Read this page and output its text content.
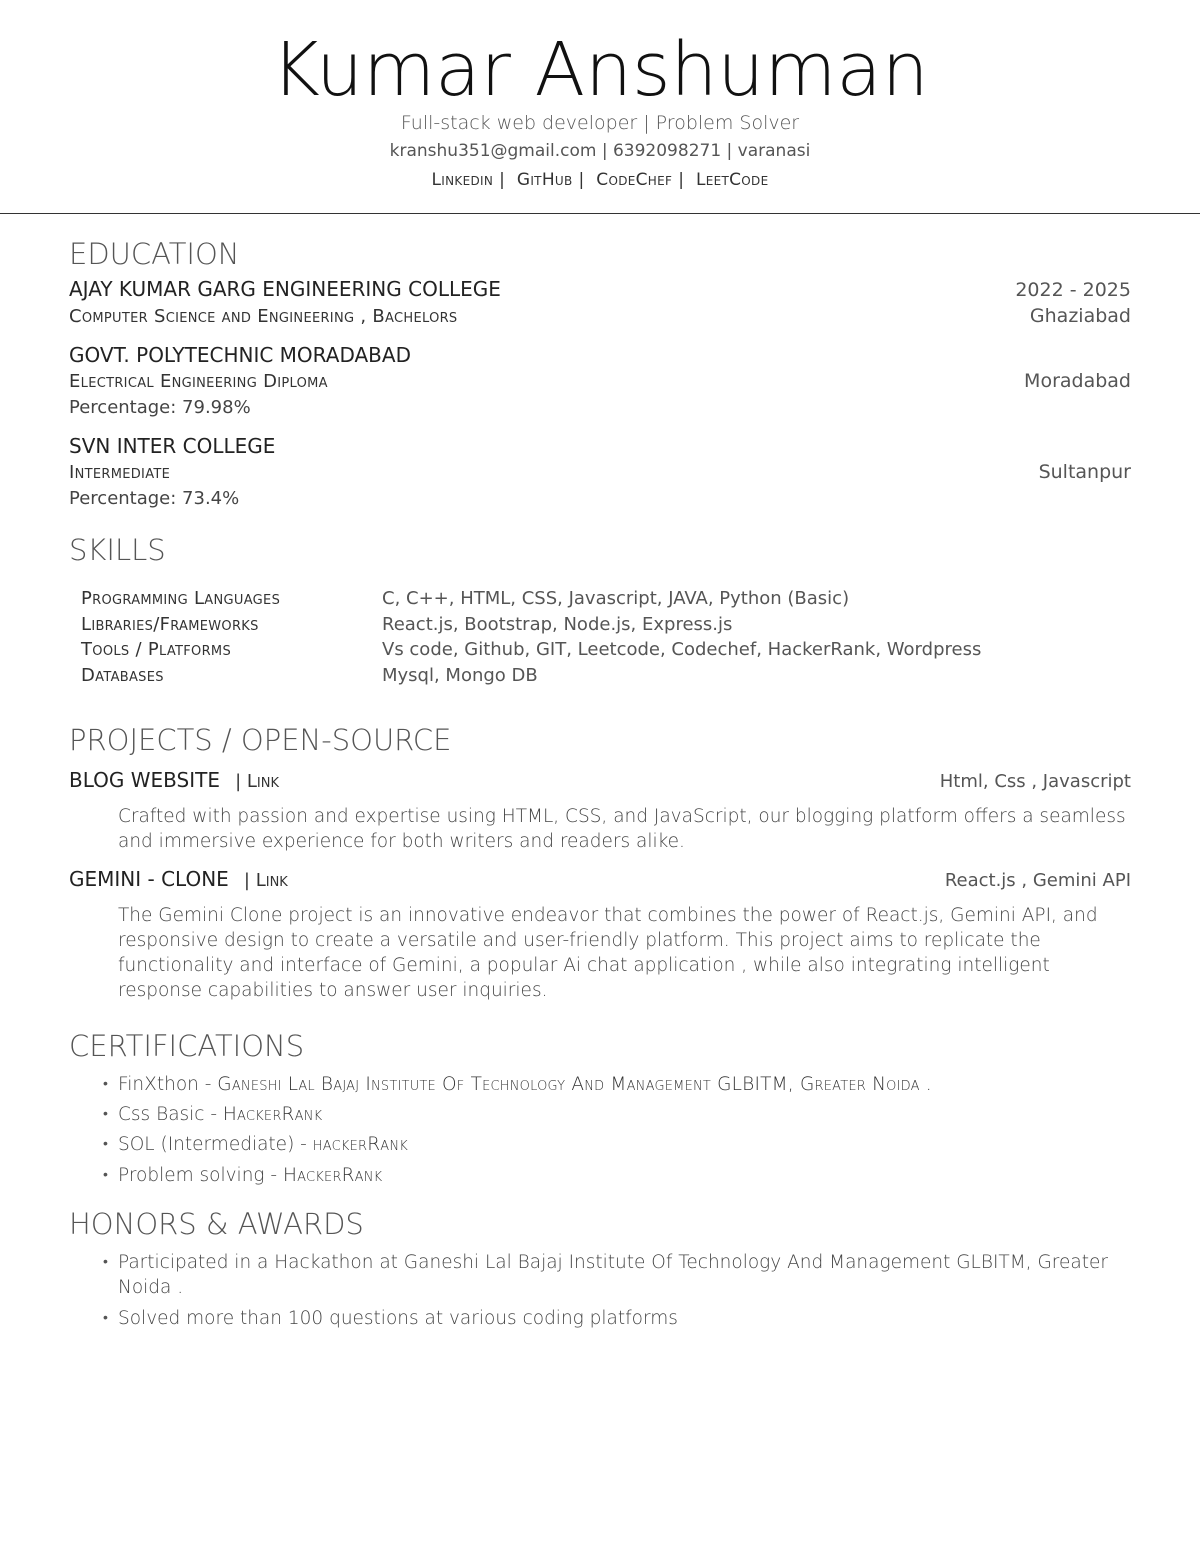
Kumar Anshuman
Full-stack web developer | Problem Solver
kranshu351@gmail.com | 6392098271 | varanasi
Linkedin | GitHub | CodeChef | LeetCode
EDUCATION
AJAY KUMAR GARG ENGINEERING COLLEGE	2022 - 2025
Computer Science and Engineering , Bachelors	Ghaziabad
GOVT. POLYTECHNIC MORADABAD
Electrical Engineering Diploma	Moradabad
Percentage: 79.98%
SVN INTER COLLEGE
Intermediate	Sultanpur
Percentage: 73.4%
SKILLS
Programming Languages	C, C++, HTML, CSS, Javascript, JAVA, Python (Basic)
Libraries/Frameworks	React.js, Bootstrap, Node.js, Express.js
Tools / Platforms	Vs code, Github, GIT, Leetcode, Codechef, HackerRank, Wordpress
Databases	Mysql, Mongo DB
PROJECTS / OPEN-SOURCE
BLOG WEBSITE | Link	Html, Css , Javascript
Crafted with passion and expertise using HTML, CSS, and JavaScript, our blogging platform offers a seamless and immersive experience for both writers and readers alike.
GEMINI - CLONE | Link	React.js , Gemini API
The Gemini Clone project is an innovative endeavor that combines the power of React.js, Gemini API, and responsive design to create a versatile and user-friendly platform. This project aims to replicate the functionality and interface of Gemini, a popular Ai chat application , while also integrating intelligent response capabilities to answer user inquiries.
CERTIFICATIONS
• FinXthon - Ganeshi Lal Bajaj Institute Of Technology And Management GLBITM, Greater Noida .
• Css Basic - HackerRank
• SOL (Intermediate) - hackerRank
• Problem solving - HackerRank
HONORS & AWARDS
• Participated in a Hackathon at Ganeshi Lal Bajaj Institute Of Technology And Management GLBITM, Greater Noida .
• Solved more than 100 questions at various coding platforms
